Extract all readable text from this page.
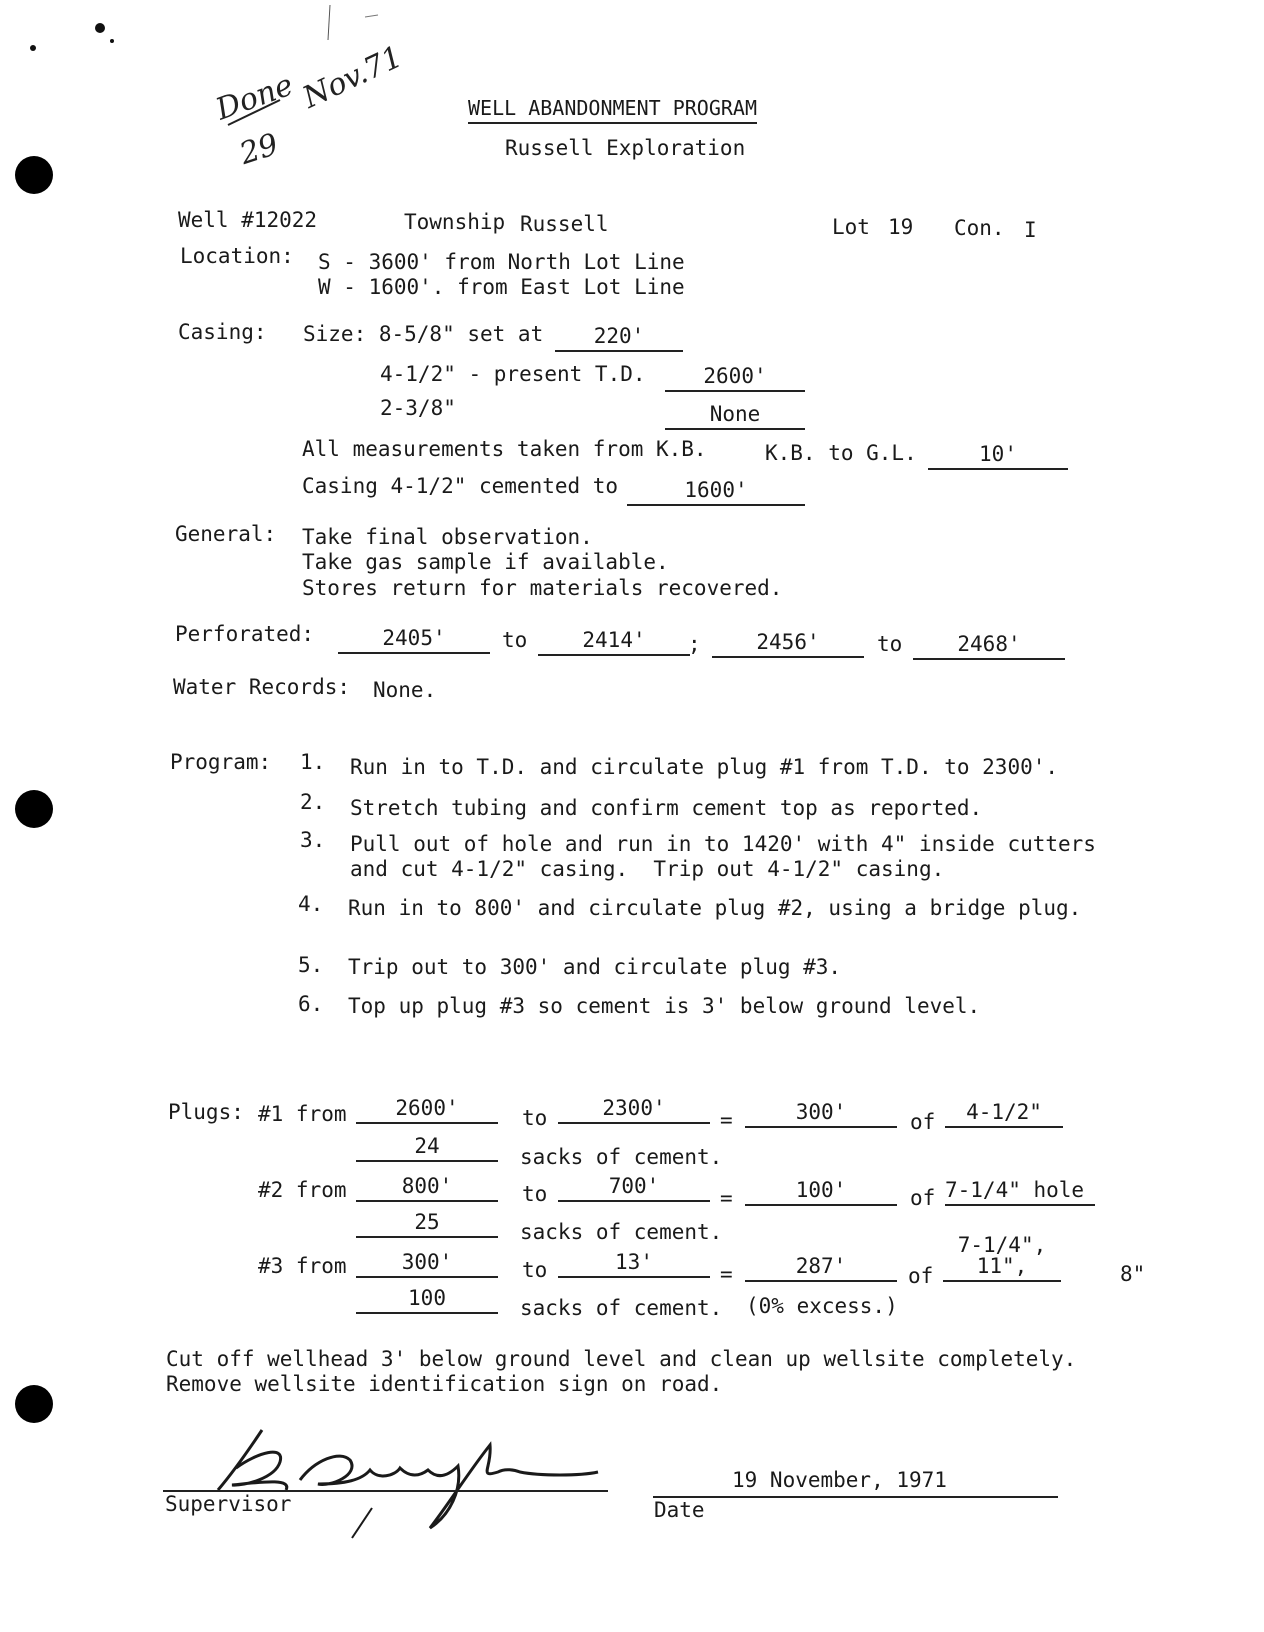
Done
29
Nov.71	WELL ABANDONMENT PROGRAM
Russell Exploration
Well #12022	Township Russell	Lot 19 Con. I
Location: S - 3600' from North Lot Line
W - 1600'. from East Lot Line
Casing: Size: 8-5/8" set at	220'
4-1/2" - present T.D.	2600'
2-3/8"	None
All measurements taken from K.B.	K.B. to G.L.	10'
Casing 4-1/2" cemented to	1600'
General: Take final observation.
Take gas sample if available.
Stores return for materials recovered.
Perforated:	2405'	to	2414'	;	2456'	to	2468'
Water Records: None.
Program: 1. Run in to T.D. and circulate plug #1 from T.D. to 2300'.
2. Stretch tubing and confirm cement top as reported.
3. Pull out of hole and run in to 1420' with 4" inside cutters
and cut 4-1/2" casing.  Trip out 4-1/2" casing.
4. Run in to 800' and circulate plug #2, using a bridge plug.
5. Trip out to 300' and circulate plug #3.
6. Top up plug #3 so cement is 3' below ground level.
Plugs: #1 from	2600'	to	2300'	=	300'	of	4-1/2"
24	sacks of cement.
#2 from	800'	to	700'	=	100'	of 7-1/4" hole
25	sacks of cement.
#3 from	300'	to	13'	=	287'	of
7-1/4", 11",	8"
100	sacks of cement. (0% excess.)
Cut off wellhead 3' below ground level and clean up wellsite completely.
Remove wellsite identification sign on road.
Supervisor
19 November, 1971
Date
